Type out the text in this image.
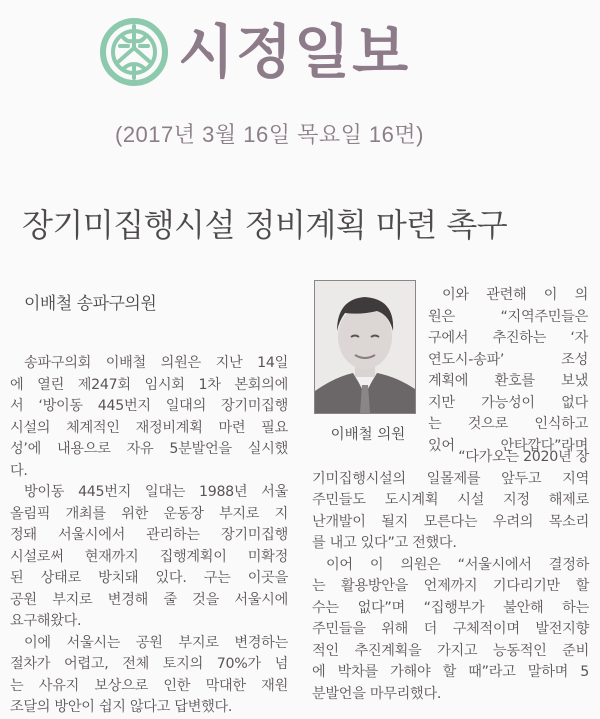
시정일보
(2017년 3월 16일 목요일 16면)
장기미집행시설 정비계획 마련 촉구
이배철 송파구의원
송파구의회 이배철 의원은 지난 14일
에 열린 제247회 임시회 1차 본회의에
서 ‘방이동 445번지 일대의 장기미집행
시설의 체계적인 재정비계획 마련 필요
성’에 내용으로 자유 5분발언을 실시했
다.
방이동 445번지 일대는 1988년 서울
올림픽 개최를 위한 운동장 부지로 지
정돼 서울시에서 관리하는 장기미집행
시설로써 현재까지 집행계획이 미확정
된 상태로 방치돼 있다. 구는 이곳을
공원 부지로 변경해 줄 것을 서울시에
요구해왔다.
이에 서울시는 공원 부지로 변경하는
절차가 어렵고, 전체 토지의 70%가 넘
는 사유지 보상으로 인한 막대한 재원
조달의 방안이 쉽지 않다고 답변했다.
이배철 의원
이와 관련해 이 의
원은 “지역주민들은
구에서 추진하는 ‘자
연도시-송파’ 조성
계획에 환호를 보냈
지만 가능성이 없다
는 것으로 인식하고
있어 안타깝다”라며
“다가오는 2020년 장
기미집행시설의 일몰제를 앞두고 지역
주민들도 도시계획 시설 지정 해제로
난개발이 될지 모른다는 우려의 목소리
를 내고 있다”고 전했다.
이어 이 의원은 “서울시에서 결정하
는 활용방안을 언제까지 기다리기만 할
수는 없다”며 “집행부가 불안해 하는
주민들을 위해 더 구체적이며 발전지향
적인 추진계획을 가지고 능동적인 준비
에 박차를 가해야 할 때”라고 말하며 5
분발언을 마무리했다.
